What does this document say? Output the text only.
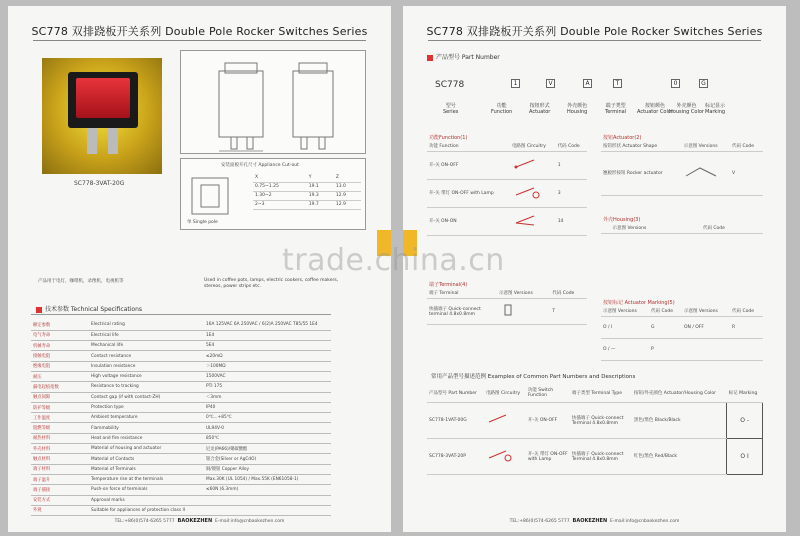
SC778 双排跷板开关系列 Double Pole Rocker Switches Series
SC778-3VAT-20G
安装面板开孔尺寸 Appliance Cut-out
X	Y	Z
0.75~1.25	19.1	13.0
1.30~2	19.3	12.9
2~3	19.7	12.9
单 Single pole
产品用于电灯，咖啡机，录像机，电视机等	Used in coffee pots, lamps, electric cookers, coffee makers, stereos, power strips etc.
技术参数 Technical Specifications
额定参数	Electrical rating	16A 125VAC 6A 250VAC / 6(2)A 250VAC T85/55 1E4
电气寿命	Electrical life	1E4
机械寿命	Mechanical life	5E4
接触电阻	Contact resistance	≤20mΩ
绝缘电阻	Insulation resistance	＞100MΩ
耐压	High voltage resistance	1500VAC
漏电起痕指数	Resistance to tracking	PTI 175
触点间隙	Contact gap (if with contact-ZH)	＜3mm
防护等级	Protection type	IP40
工作温度	Ambient temperature	0℃...+85℃
阻燃等级	Flammability	UL94V-0
耐热材料	Heat and fire resistance	850℃
外壳材料	Material of housing and actuator	尼龙(PA66)/聚碳酸酯
触点材料	Material of Contacts	银合金(Silver or AgCdO)
端子材料	Material of Terminals	铜/镀银 Copper Alloy
端子温升	Temperature rise at the terminals	Max.30K (UL 1054) / Max.55K (EN61058-1)
端子插接	Push-on force of terminals	≤60N (6.3mm)
安装方式	Approval marks	
外观	Suitable for appliances of protection class II	
TEL:+86(0)574-6265 5777 BAOKEZHEN E-mail:info@cnbaokezhen.com
SC778 双排跷板开关系列 Double Pole Rocker Switches Series
产品型号 Part Number
SC778	1	V	A	T	0	G
型号
Series
功能
Function
按钮形式
Actuator
外壳颜色
Housing
端子类型
Terminal
按钮颜色
Actuator Color
外壳颜色
Housing Color
标记显示
Marking
功能Function(1)
功能 Function	电路图 Circuitry	代码 Code
开-关 ON-OFF		1
开-关 带灯 ON-OFF with Lamp		3
开-关 ON-ON		14
按钮Actuator(2)
按钮形状 Actuator Shape	示意图 Versions	代码 Code
翘板形按钮 Rocker actuator		V
外壳Housing(3)
	示意图 Versions	代码 Code
端子Terminal(4)
端子 Terminal	示意图 Versions	代码 Code
快插端子 Quick-connect terminal 4.8x0.8mm		T
按钮标记 Actuator Marking(5)
示意图 Versions	代码 Code	示意图 Versions	代码 Code
O / I	G	ON / OFF	R
O / —	P		
常用产品型号描述范例 Examples of Common Part Numbers and Descriptions
产品型号 Part Number	电路图 Circuitry	功能 Switch Function	端子类型 Terminal Type	按钮/外壳颜色 Actuator/Housing Color	标记 Marking
SC778-1VAT-00G		开-关 ON-OFF	快插端子 Quick-connect Terminal 4.8x0.8mm	黑色/黑色 Black/Black	O -
SC778-3VAT-20P		开-关 带灯 ON-OFF with Lamp	快插端子 Quick-connect Terminal 4.8x0.8mm	红色/黑色 Red/Black	O I
TEL:+86(0)574-6265 5777 BAOKEZHEN E-mail:info@cnbaokezhen.com
trade.china.cn
